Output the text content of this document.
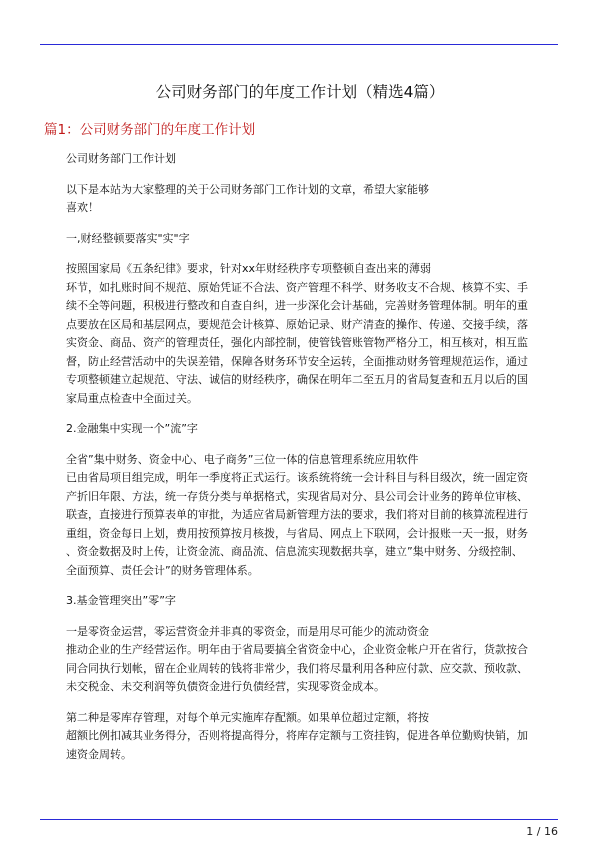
公司财务部门的年度工作计划（精选4篇）
篇1：公司财务部门的年度工作计划

公司财务部门工作计划

以下是本站为大家整理的关于公司财务部门工作计划的文章，希望大家能够
喜欢！

一,财经整顿要落实"实"字

按照国家局《五条纪律》要求，针对xx年财经秩序专项整顿自查出来的薄弱
环节，如扎账时间不规范、原始凭证不合法、资产管理不科学、财务收支不合规、核算不实、手
续不全等问题，积极进行整改和自查自纠，进一步深化会计基础，完善财务管理体制。明年的重
点要放在区局和基层网点，要规范会计核算、原始记录、财产清查的操作、传递、交接手续，落
实资金、商品、资产的管理责任，强化内部控制，使管钱管账管物严格分工，相互核对，相互监
督，防止经营活动中的失误差错，保障各财务环节安全运转，全面推动财务管理规范运作，通过
专项整顿建立起规范、守法、诚信的财经秩序，确保在明年二至五月的省局复查和五月以后的国
家局重点检查中全面过关。

2.金融集中实现一个”流”字

全省”集中财务、资金中心、电子商务”三位一体的信息管理系统应用软件
已由省局项目组完成，明年一季度将正式运行。该系统将统一会计科目与科目级次，统一固定资
产折旧年限、方法，统一存货分类与单据格式，实现省局对分、县公司会计业务的跨单位审核、
联查，直接进行预算表单的审批，为适应省局新管理方法的要求，我们将对目前的核算流程进行
重组，资金每日上划，费用按预算按月核拨，与省局、网点上下联网，会计报账一天一报，财务
、资金数据及时上传，让资金流、商品流、信息流实现数据共享，建立”集中财务、分级控制、
全面预算、责任会计”的财务管理体系。

3.基金管理突出”零”字

一是零资金运营，零运营资金并非真的零资金，而是用尽可能少的流动资金
推动企业的生产经营运作。明年由于省局要搞全省资金中心，企业资金帐户开在省行，货款按合
同合同执行划帐，留在企业周转的钱将非常少，我们将尽量利用各种应付款、应交款、预收款、
未交税金、未交利润等负债资金进行负债经营，实现零资金成本。

第二种是零库存管理，对每个单元实施库存配额。如果单位超过定额，将按
超额比例扣减其业务得分，否则将提高得分，将库存定额与工资挂钩，促进各单位勤购快销，加
速资金周转。

1 / 16
